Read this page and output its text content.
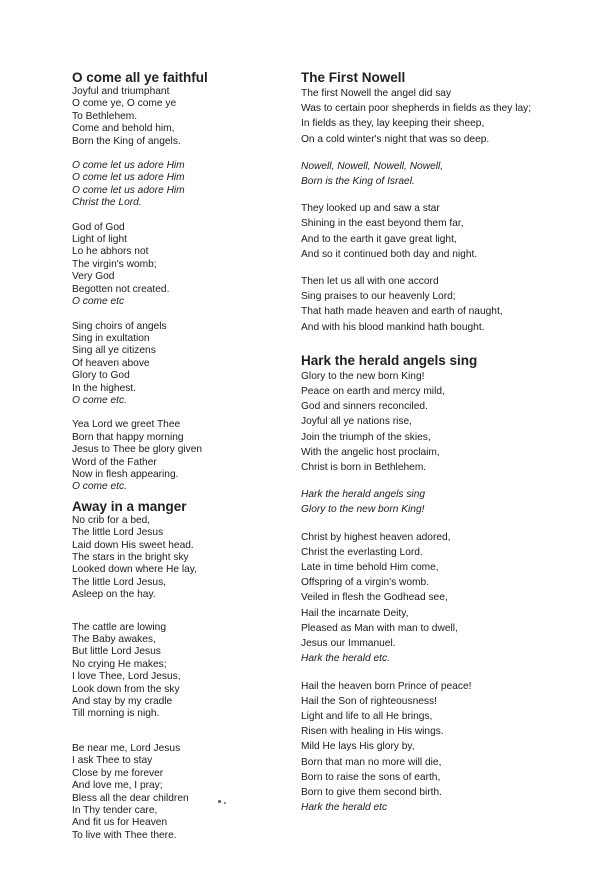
O come all ye faithful
Joyful and triumphant
O come ye, O come ye
To Bethlehem.
Come and behold him,
Born the King of angels.
O come let us adore Him
O come let us adore Him
O come let us adore Him
Christ the Lord.
God of God
Light of light
Lo he abhors not
The virgin's womb;
Very God
Begotten not created.
O come etc
Sing choirs of angels
Sing in exultation
Sing all ye citizens
Of heaven above
Glory to God
In the highest.
O come etc.
Yea Lord we greet Thee
Born that happy morning
Jesus to Thee be glory given
Word of the Father
Now in flesh appearing.
O come etc.
Away in a manger
No crib for a bed,
The little Lord Jesus
Laid down His sweet head.
The stars in the bright sky
Looked down where He lay,
The little Lord Jesus,
Asleep on the hay.
The cattle are lowing
The Baby awakes,
But little Lord Jesus
No crying He makes;
I love Thee, Lord Jesus,
Look down from the sky
And stay by my cradle
Till morning is nigh.
Be near me, Lord Jesus
I ask Thee to stay
Close by me forever
And love me, I pray;
Bless all the dear children
In Thy tender care,
And fit us for Heaven
To live with Thee there.
The First Nowell
The first Nowell the angel did say
Was to certain poor shepherds in fields as they lay;
In fields as they, lay keeping their sheep,
On a cold winter's night that was so deep.
Nowell, Nowell, Nowell, Nowell,
Born is the King of Israel.
They looked up and saw a star
Shining in the east beyond them far,
And to the earth it gave great light,
And so it continued both day and night.
Then let us all with one accord
Sing praises to our heavenly Lord;
That hath made heaven and earth of naught,
And with his blood mankind hath bought.
Hark the herald angels sing
Glory to the new born King!
Peace on earth and mercy mild,
God and sinners reconciled.
Joyful all ye nations rise,
Join the triumph of the skies,
With the angelic host proclaim,
Christ is born in Bethlehem.
Hark the herald angels sing
Glory to the new born King!
Christ by highest heaven adored,
Christ the everlasting Lord.
Late in time behold Him come,
Offspring of a virgin's womb.
Veiled in flesh the Godhead see,
Hail the incarnate Deity,
Pleased as Man with man to dwell,
Jesus our Immanuel.
Hark the herald etc.
Hail the heaven born Prince of peace!
Hail the Son of righteousness!
Light and life to all He brings,
Risen with healing in His wings.
Mild He lays His glory by,
Born that man no more will die,
Born to raise the sons of earth,
Born to give them second birth.
Hark the herald etc
